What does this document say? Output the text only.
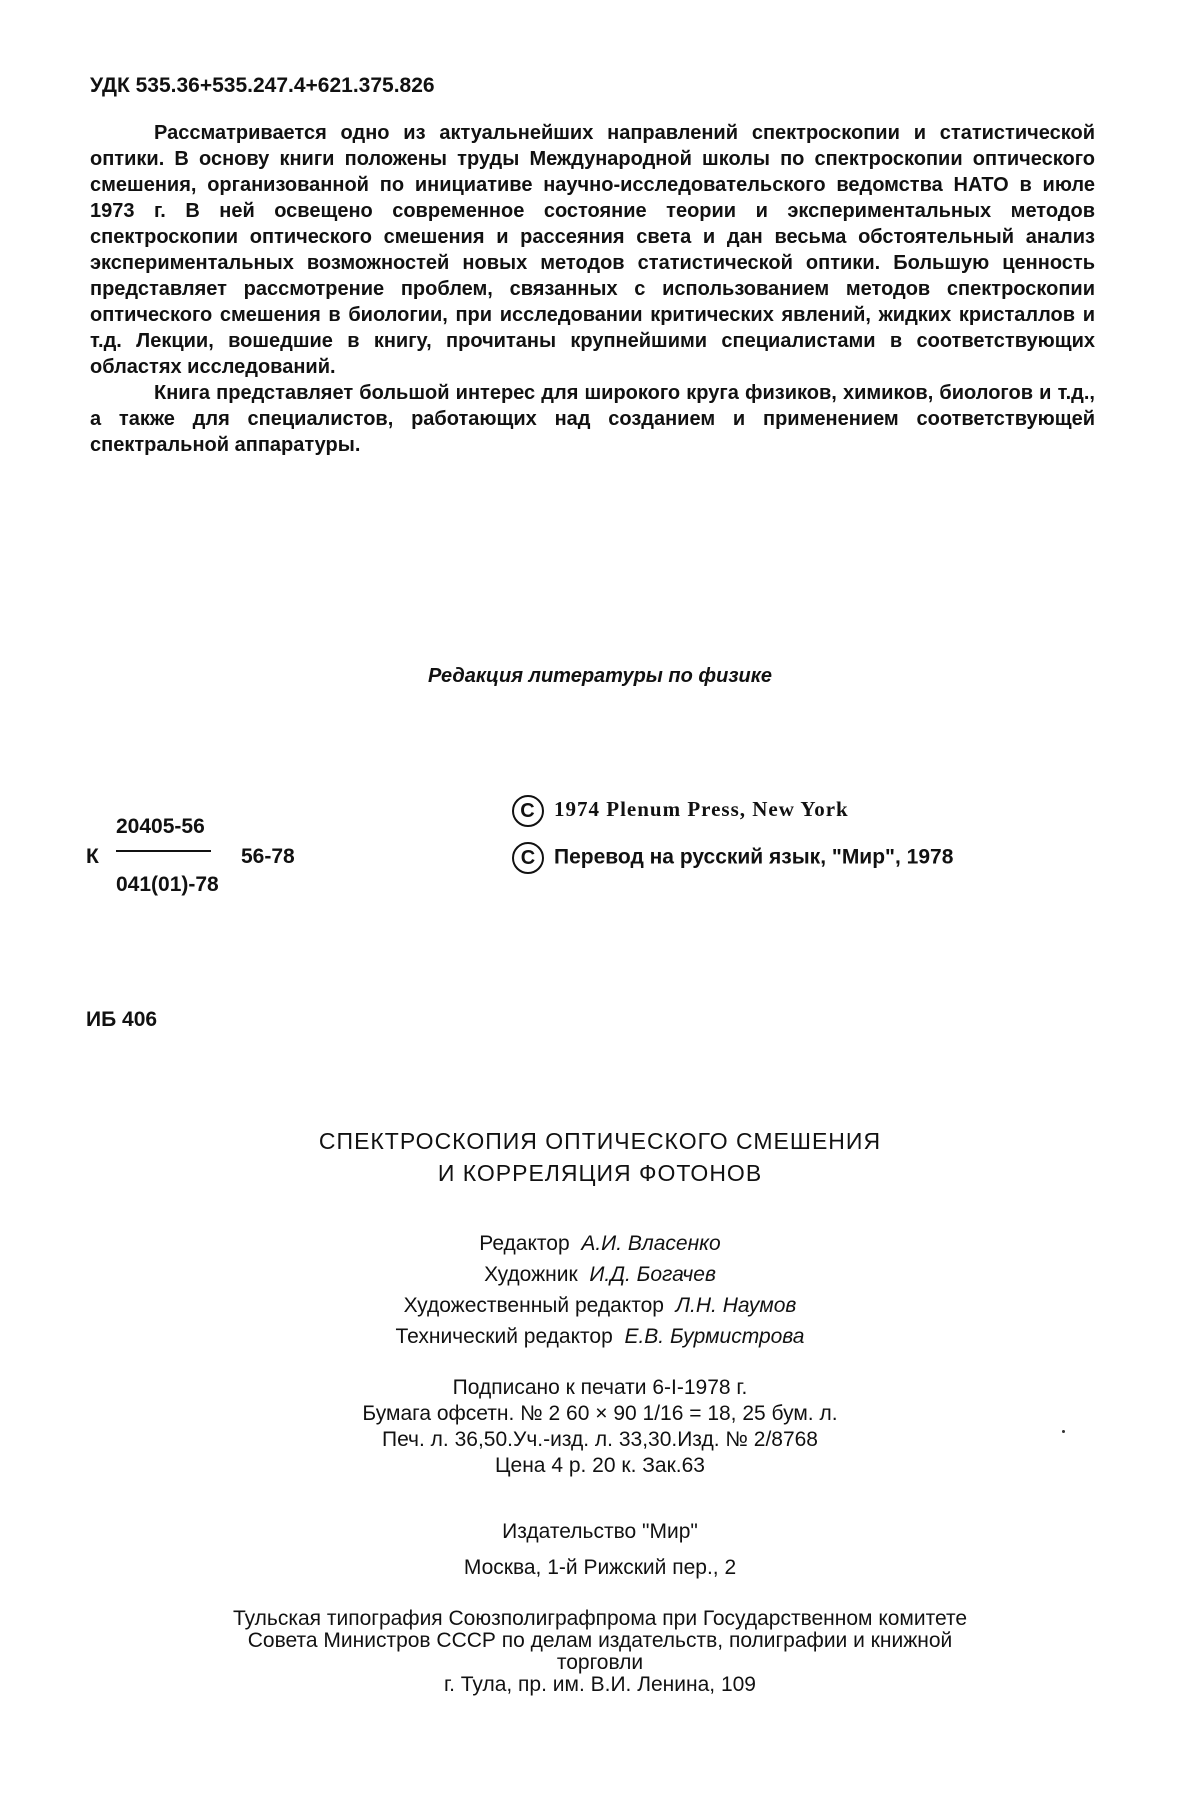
УДК 535.36+535.247.4+621.375.826

Рассматривается одно из актуальнейших направлений спектроскопии и статистической оптики. В основу книги положены труды Международной школы по спектроскопии оптического смешения, организованной по инициативе научно-исследовательского ведомства НАТО в июле 1973 г. В ней освещено современное состояние теории и экспериментальных методов спектроскопии оптического смешения и рассеяния света и дан весьма обстоятельный анализ экспериментальных возможностей новых методов статистической оптики. Большую ценность представляет рассмотрение проблем, связанных с использованием методов спектроскопии оптического смешения в биологии, при исследовании критических явлений, жидких кристаллов и т.д. Лекции, вошедшие в книгу, прочитаны крупнейшими специалистами в соответствующих областях исследований.

Книга представляет большой интерес для широкого круга физиков, химиков, биологов и т.д., а также для специалистов, работающих над созданием и применением соответствующей спектральной аппаратуры.

Редакция литературы по физике
К
20405-56
041(01)-78
56-78
C 1974 Plenum Press, New York
C Перевод на русский язык, "Мир", 1978
ИБ 406
СПЕКТРОСКОПИЯ ОПТИЧЕСКОГО СМЕШЕНИЯ
И КОРРЕЛЯЦИЯ ФОТОНОВ
Редактор А.И. Власенко
Художник И.Д. Богачев
Художественный редактор Л.Н. Наумов
Технический редактор Е.В. Бурмистрова
Подписано к печати 6-I-1978 г.
Бумага офсетн. № 2 60 × 90 1/16 = 18, 25 бум. л.
Печ. л. 36,50.Уч.-изд. л. 33,30.Изд. № 2/8768
Цена 4 р. 20 к. Зак.63
Издательство "Мир"
Москва, 1-й Рижский пер., 2
Тульская типография Союзполиграфпрома при Государственном комитете
Совета Министров СССР по делам издательств, полиграфии и книжной
торговли
г. Тула, пр. им. В.И. Ленина, 109
